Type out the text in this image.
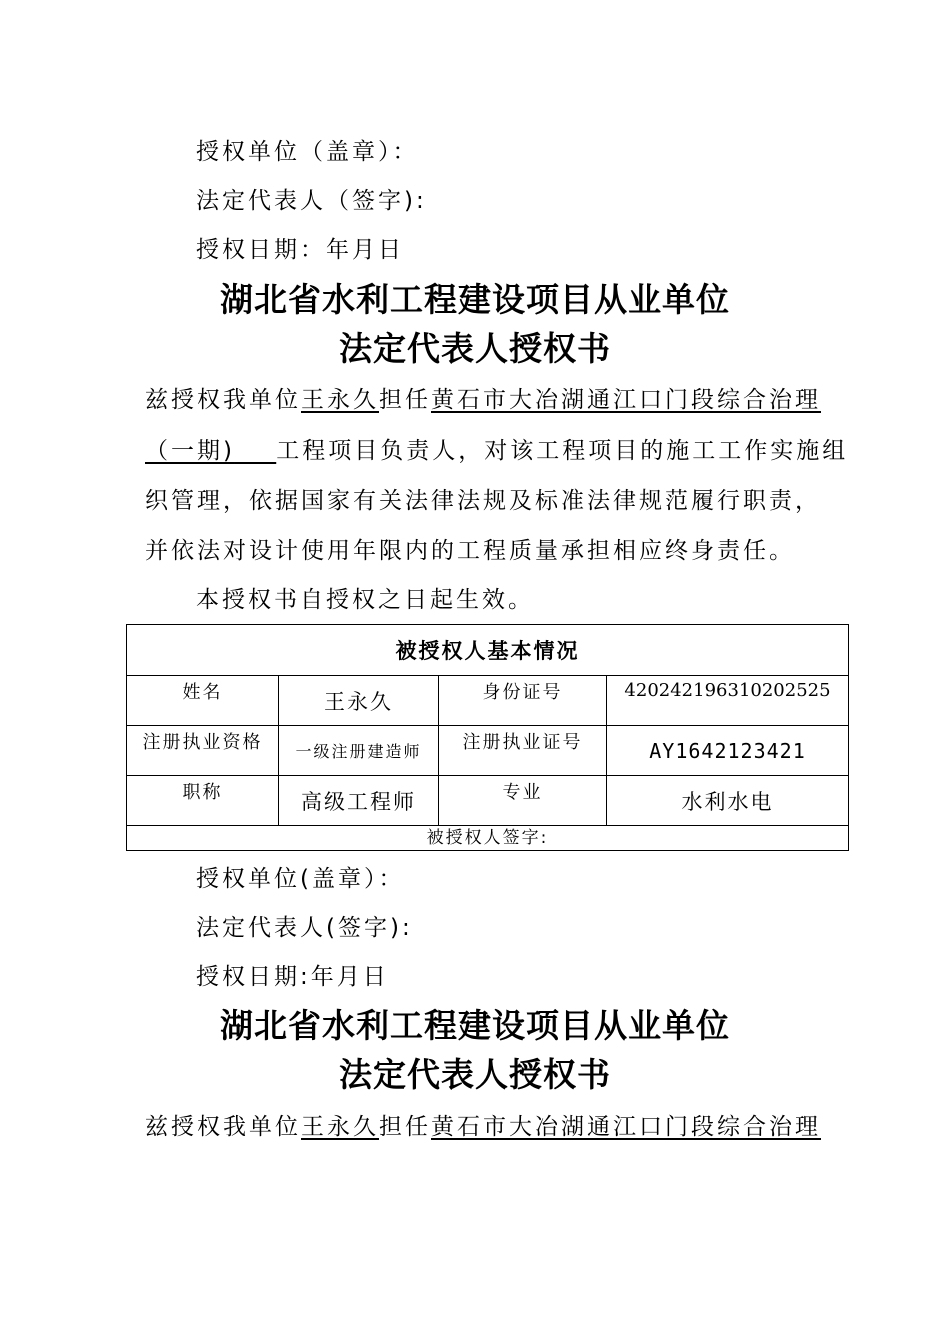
授权单位（盖章）：
法定代表人（签字):
授权日期：年月日
湖北省水利工程建设项目从业单位
法定代表人授权书
兹授权我单位王永久担任黄石市大冶湖通江口门段综合治理
（一期) 工程项目负责人，对该工程项目的施工工作实施组
织管理，依据国家有关法律法规及标准法律规范履行职责，
并依法对设计使用年限内的工程质量承担相应终身责任。
本授权书自授权之日起生效。
被授权人基本情况			
姓名	王永久	身份证号	420242196310202525
注册执业资格	一级注册建造师	注册执业证号	AY1642123421
职称	高级工程师	专业	水利水电
被授权人签字:			
授权单位(盖章）：
法定代表人(签字):
授权日期:年月日
湖北省水利工程建设项目从业单位
法定代表人授权书
兹授权我单位王永久担任黄石市大冶湖通江口门段综合治理
